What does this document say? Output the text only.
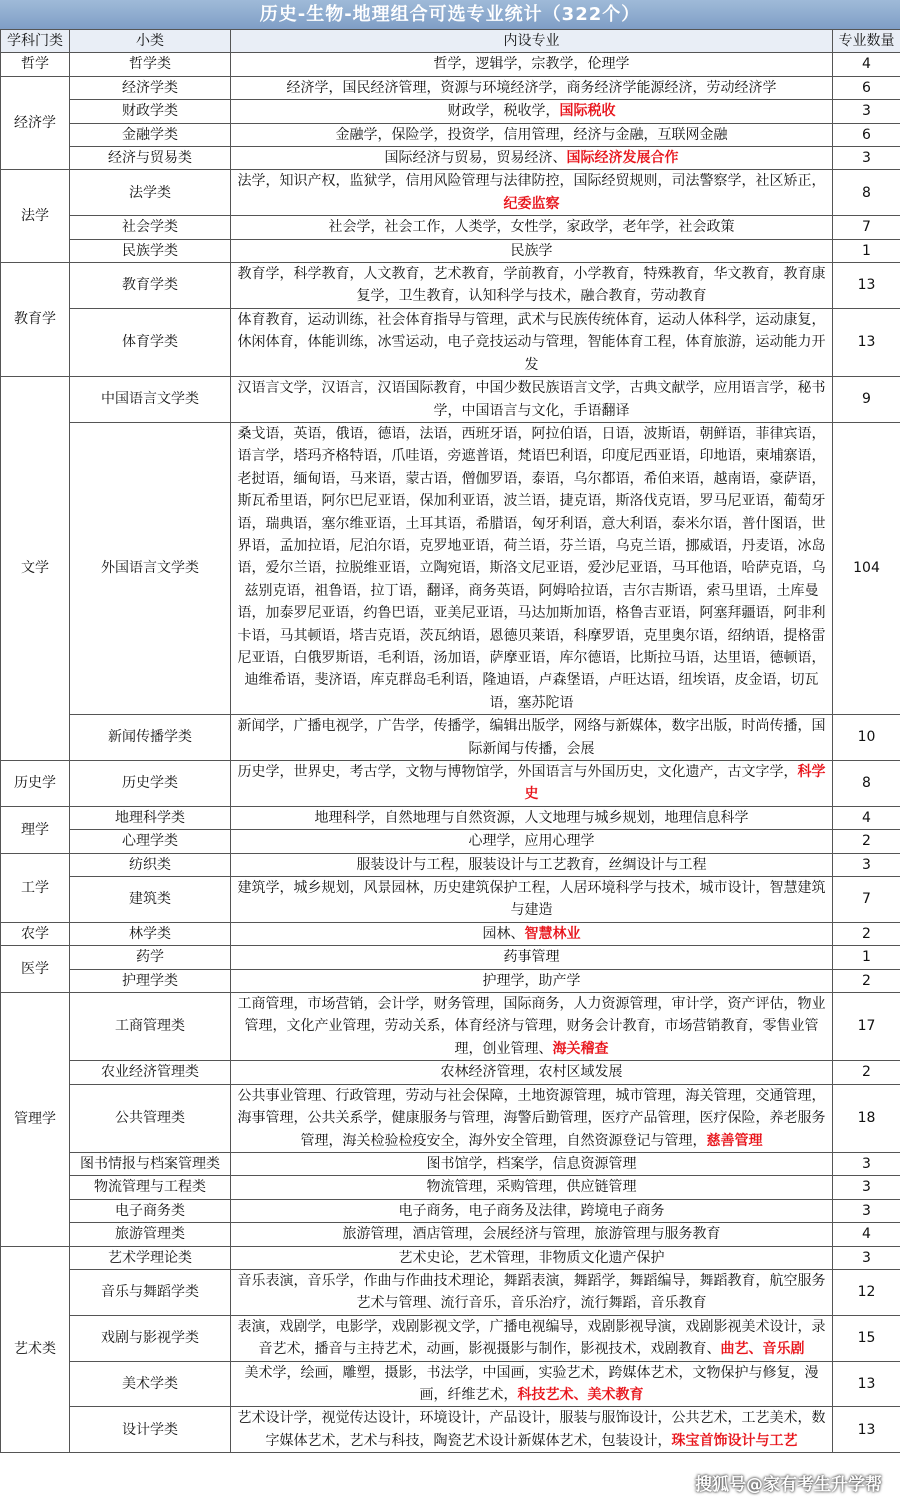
历史-生物-地理组合可选专业统计（322个）
学科门类	小类	内设专业	专业数量
哲学	哲学类	哲学，逻辑学，宗教学，伦理学	4
经济学	经济学类	经济学，国民经济管理，资源与环境经济学，商务经济学能源经济，劳动经济学	6
	财政学类	财政学，税收学，国际税收	3
	金融学类	金融学，保险学，投资学，信用管理，经济与金融，互联网金融	6
	经济与贸易类	国际经济与贸易，贸易经济、国际经济发展合作	3
法学	法学类	法学，知识产权，监狱学，信用风险管理与法律防控，国际经贸规则，司法警察学，社区矫正，纪委监察	8
	社会学类	社会学，社会工作，人类学，女性学，家政学，老年学，社会政策	7
	民族学类	民族学	1
教育学	教育学类	教育学，科学教育，人文教育，艺术教育，学前教育，小学教育，特殊教育，华文教育，教育康复学，卫生教育，认知科学与技术，融合教育，劳动教育	13
	体育学类	体育教育，运动训练，社会体育指导与管理，武术与民族传统体育，运动人体科学，运动康复，休闲体育，体能训练，冰雪运动，电子竞技运动与管理，智能体育工程，体育旅游，运动能力开发	13
文学	中国语言文学类	汉语言文学，汉语言，汉语国际教育，中国少数民族语言文学，古典文献学，应用语言学，秘书学，中国语言与文化，手语翻译	9
	外国语言文学类	桑戈语，英语，俄语，德语，法语，西班牙语，阿拉伯语，日语，波斯语，朝鲜语，菲律宾语，语言学，塔玛齐格特语，爪哇语，旁遮普语，梵语巴利语，印度尼西亚语，印地语，柬埔寨语，老挝语，缅甸语，马来语，蒙古语，僧伽罗语，泰语，乌尔都语，希伯来语，越南语，豪萨语，斯瓦希里语，阿尔巴尼亚语，保加利亚语，波兰语，捷克语，斯洛伐克语，罗马尼亚语，葡萄牙语，瑞典语，塞尔维亚语，土耳其语，希腊语，匈牙利语，意大利语，泰米尔语，普什图语，世界语，孟加拉语，尼泊尔语，克罗地亚语，荷兰语，芬兰语，乌克兰语，挪威语，丹麦语，冰岛语，爱尔兰语，拉脱维亚语，立陶宛语，斯洛文尼亚语，爱沙尼亚语，马耳他语，哈萨克语，乌兹别克语，祖鲁语，拉丁语，翻译，商务英语，阿姆哈拉语，吉尔吉斯语，索马里语，土库曼语，加泰罗尼亚语，约鲁巴语，亚美尼亚语，马达加斯加语，格鲁吉亚语，阿塞拜疆语，阿非利卡语，马其顿语，塔吉克语，茨瓦纳语，恩德贝莱语，科摩罗语，克里奥尔语，绍纳语，提格雷尼亚语，白俄罗斯语，毛利语，汤加语，萨摩亚语，库尔德语，比斯拉马语，达里语，德顿语，迪维希语，斐济语，库克群岛毛利语，隆迪语，卢森堡语，卢旺达语，纽埃语，皮金语，切瓦语，塞苏陀语	104
	新闻传播学类	新闻学，广播电视学，广告学，传播学，编辑出版学，网络与新媒体，数字出版，时尚传播，国际新闻与传播，会展	10
历史学	历史学类	历史学，世界史，考古学，文物与博物馆学，外国语言与外国历史，文化遗产，古文字学，科学史	8
理学	地理科学类	地理科学，自然地理与自然资源，人文地理与城乡规划，地理信息科学	4
	心理学类	心理学，应用心理学	2
工学	纺织类	服装设计与工程，服装设计与工艺教育，丝绸设计与工程	3
	建筑类	建筑学，城乡规划，风景园林，历史建筑保护工程，人居环境科学与技术，城市设计，智慧建筑与建造	7
农学	林学类	园林、智慧林业	2
医学	药学	药事管理	1
	护理学类	护理学，助产学	2
管理学	工商管理类	工商管理，市场营销，会计学，财务管理，国际商务，人力资源管理，审计学，资产评估，物业管理，文化产业管理，劳动关系，体育经济与管理，财务会计教育，市场营销教育，零售业管理，创业管理、海关稽查	17
	农业经济管理类	农林经济管理，农村区域发展	2
	公共管理类	公共事业管理、行政管理，劳动与社会保障，土地资源管理，城市管理，海关管理，交通管理，海事管理，公共关系学，健康服务与管理，海警后勤管理，医疗产品管理，医疗保险，养老服务管理，海关检验检疫安全，海外安全管理，自然资源登记与管理，慈善管理	18
	图书情报与档案管理类	图书馆学，档案学，信息资源管理	3
	物流管理与工程类	物流管理，采购管理，供应链管理	3
	电子商务类	电子商务，电子商务及法律，跨境电子商务	3
	旅游管理类	旅游管理，酒店管理，会展经济与管理，旅游管理与服务教育	4
艺术类	艺术学理论类	艺术史论，艺术管理，非物质文化遗产保护	3
	音乐与舞蹈学类	音乐表演，音乐学，作曲与作曲技术理论，舞蹈表演，舞蹈学，舞蹈编导，舞蹈教育，航空服务艺术与管理、流行音乐，音乐治疗，流行舞蹈，音乐教育	12
	戏剧与影视学类	表演，戏剧学，电影学，戏剧影视文学，广播电视编导，戏剧影视导演，戏剧影视美术设计，录音艺术，播音与主持艺术，动画，影视摄影与制作，影视技术，戏剧教育、曲艺、音乐剧	15
	美术学类	美术学，绘画，雕塑，摄影，书法学，中国画，实验艺术，跨媒体艺术，文物保护与修复，漫画，纤维艺术，科技艺术、美术教育	13
	设计学类	艺术设计学，视觉传达设计，环境设计，产品设计，服装与服饰设计，公共艺术，工艺美术，数字媒体艺术，艺术与科技，陶瓷艺术设计新媒体艺术，包装设计，珠宝首饰设计与工艺	13
搜狐号@家有考生升学帮
